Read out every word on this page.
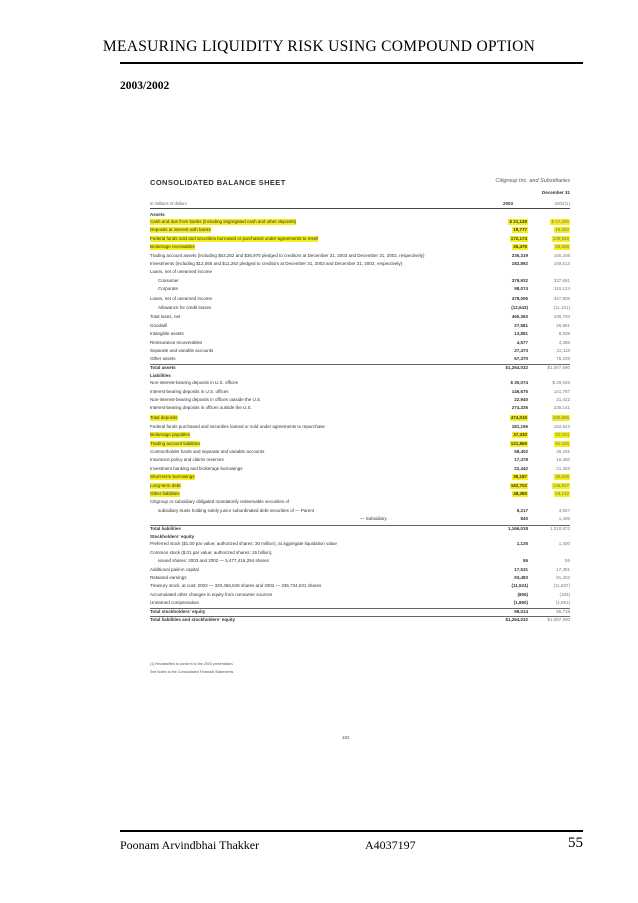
MEASURING LIQUIDITY RISK USING COMPOUND OPTION
2003/2002
CONSOLIDATED BALANCE SHEET	Citigroup Inc. and Subsidiaries
December 31
In millions of dollars	2003	2002(1)
Assets
Cash and due from banks (including segregated cash and other deposits)	$ 21,149	$ 17,326
Deposits at interest with banks	19,777	16,382
Federal funds sold and securities borrowed or purchased under agreements to resell	172,174	139,946
Brokerage receivables	26,476	25,358
Trading account assets (including $63,252 and $36,975 pledged to creditors at December 31, 2003 and December 31, 2002, respectively)	235,319	155,208
Investments (including $12,066 and $11,262 pledged to creditors at December 31, 2003 and December 31, 2002, respectively)	182,892	169,513
Loans, net of unearned income
Consumer	379,932	337,681
Corporate	98,074	110,124
Loans, net of unearned income	478,006	447,805
Allowance for credit losses	(12,643)	(11,101)
Total loans, net	465,363	436,704
Goodwill	27,581	26,961
Intangible assets	13,881	8,509
Reinsurance recoverables	4,577	4,356
Separate and variable accounts	27,473	22,118
Other assets	67,370	75,209
Total assets	$1,264,032	$1,097,590
Liabilities
Non-interest-bearing deposits in U.S. offices	$ 30,074	$ 29,545
Interest-bearing deposits in U.S. offices	146,675	141,787
Non-interest-bearing deposits in offices outside the U.S.	22,940	21,422
Interest-bearing deposits in offices outside the U.S.	274,326	238,141
Total deposits	474,015	430,895
Federal funds purchased and securities loaned or sold under agreements to repurchase	181,156	162,643
Brokerage payables	37,330	22,024
Trading account liabilities	121,869	91,426
Contractholder funds and separate and variable accounts	58,402	49,331
Insurance policy and claims reserves	17,478	16,350
Investment banking and brokerage borrowings	22,442	21,353
Short-term borrowings	36,187	30,629
Long-term debt	162,702	126,927
Other liabilities	48,380	53,142
Citigroup or subsidiary obligated mandatorily redeemable securities of
subsidiary trusts holding solely junior subordinated debt securities of — Parent	5,217	4,657
— Subsidiary	840	1,495
Total liabilities	1,166,018	1,010,872
Stockholders' equity
Preferred stock ($1.00 par value; authorized shares: 30 million), at aggregate liquidation value	1,125	1,400
Common stock ($.01 par value; authorized shares: 15 billion),
issued shares: 2003 and 2002 — 5,477,416,254 shares	55	55
Additional paid-in capital	17,531	17,381
Retained earnings	93,483	81,403
Treasury stock, at cost: 2003 — 320,466,849 shares and 2002 — 336,734,631 shares	(11,524)	(11,637)
Accumulated other changes in equity from nonowner sources	(806)	(193)
Unearned compensation	(1,850)	(1,891)
Total stockholders' equity	98,014	86,718
Total liabilities and stockholders' equity	$1,264,032	$1,097,590
(1) Reclassified to conform to the 2003 presentation.
See Notes to the Consolidated Financial Statements.
102
Poonam Arvindbhai Thakker	A4037197	55
